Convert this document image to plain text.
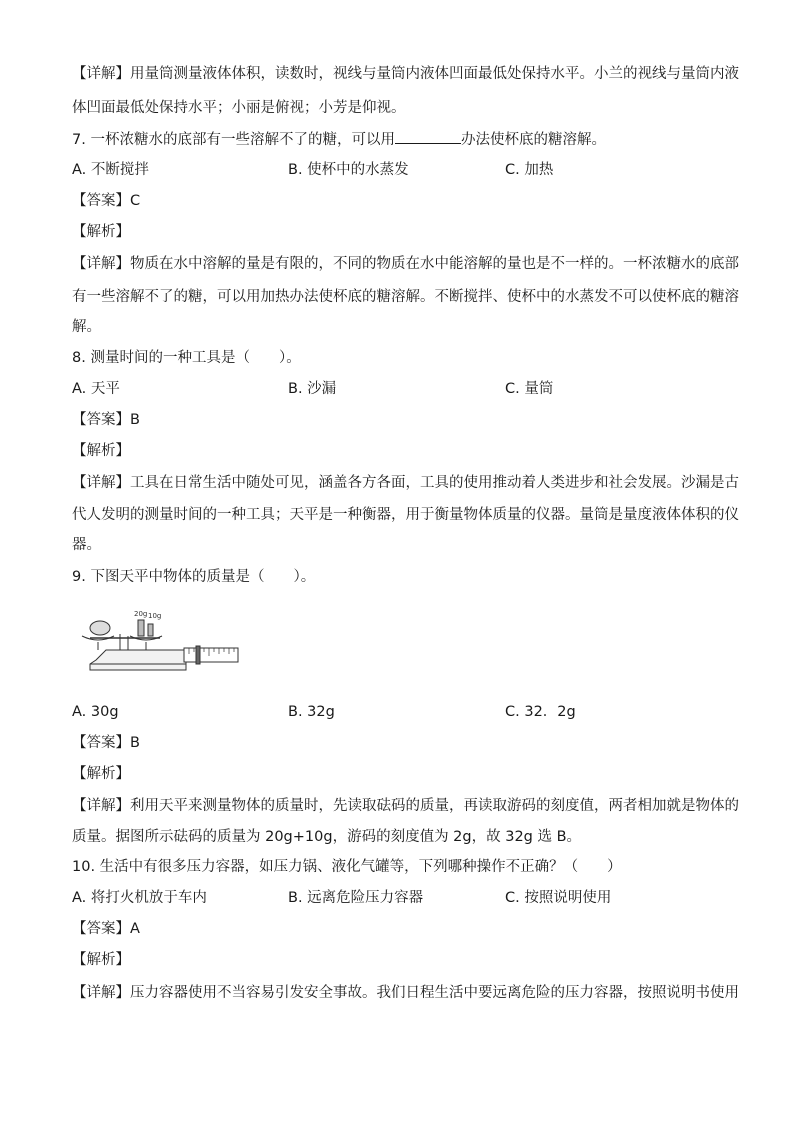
【详解】用量筒测量液体体积，读数时，视线与量筒内液体凹面最低处保持水平。小兰的视线与量筒内液
体凹面最低处保持水平；小丽是俯视；小芳是仰视。
7. 一杯浓糖水的底部有一些溶解不了的糖，可以用	办法使杯底的糖溶解。
A. 不断搅拌	B. 使杯中的水蒸发	C. 加热
【答案】C
【解析】
【详解】物质在水中溶解的量是有限的，不同的物质在水中能溶解的量也是不一样的。一杯浓糖水的底部
有一些溶解不了的糖，可以用加热办法使杯底的糖溶解。不断搅拌、使杯中的水蒸发不可以使杯底的糖溶
解。
8. 测量时间的一种工具是（　　）。
A. 天平	B. 沙漏	C. 量筒
【答案】B
【解析】
【详解】工具在日常生活中随处可见，涵盖各方各面，工具的使用推动着人类进步和社会发展。沙漏是古
代人发明的测量时间的一种工具；天平是一种衡器，用于衡量物体质量的仪器。量筒是量度液体体积的仪
器。
9. 下图天平中物体的质量是（　　）。
20g 10g
A. 30g	B. 32g	C. 32．2g
【答案】B
【解析】
【详解】利用天平来测量物体的质量时，先读取砝码的质量，再读取游码的刻度值，两者相加就是物体的
质量。据图所示砝码的质量为 20g+10g，游码的刻度值为 2g，故 32g 选 B。
10. 生活中有很多压力容器，如压力锅、液化气罐等，下列哪种操作不正确？（　　）
A. 将打火机放于车内	B. 远离危险压力容器	C. 按照说明使用
【答案】A
【解析】
【详解】压力容器使用不当容易引发安全事故。我们日程生活中要远离危险的压力容器，按照说明书使用
